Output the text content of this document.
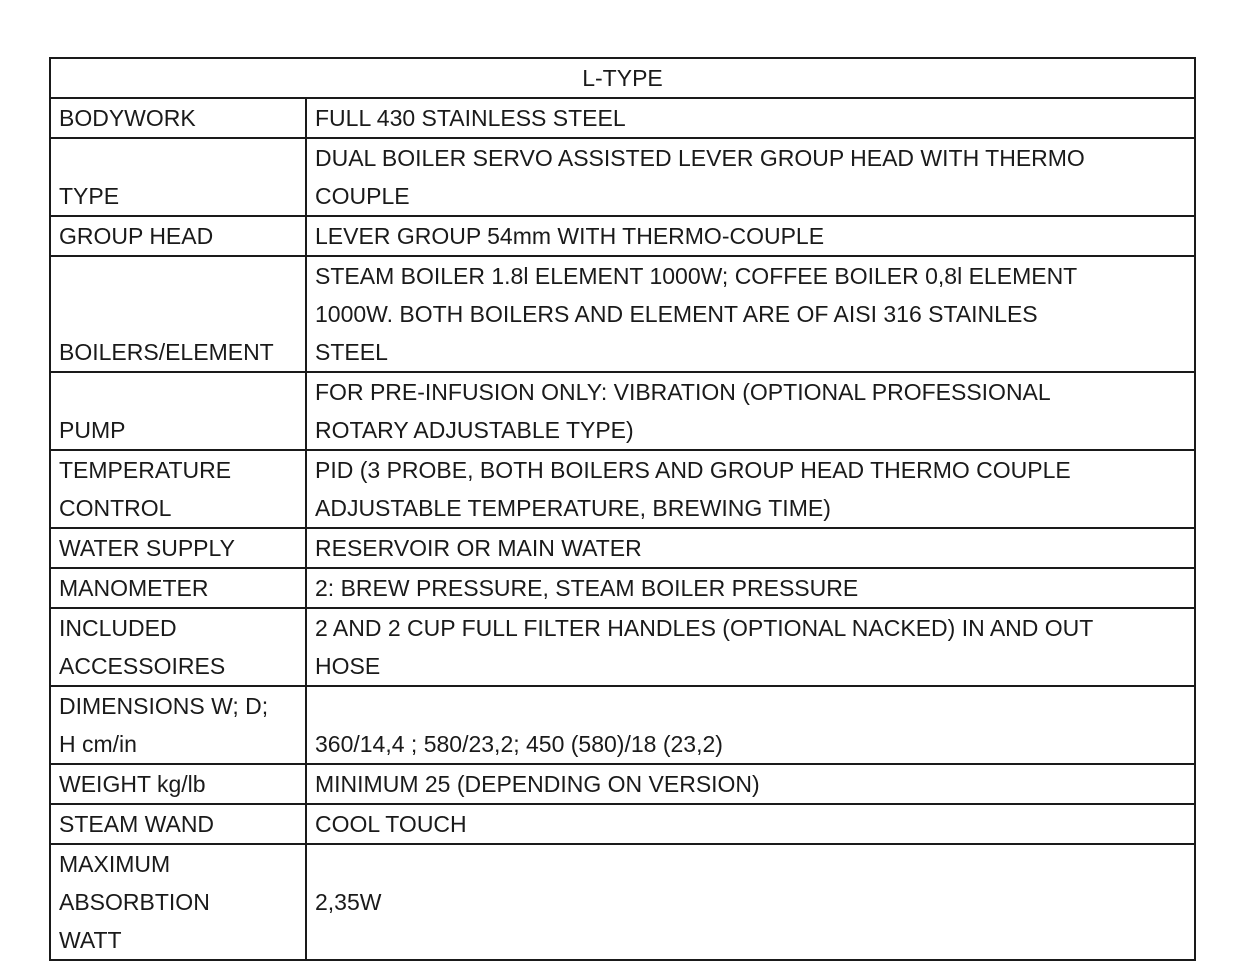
L-TYPE	

BODYWORK	FULL 430 STAINLESS STEEL

TYPE	DUAL BOILER SERVO ASSISTED LEVER GROUP HEAD WITH THERMO
COUPLE

GROUP HEAD	LEVER GROUP 54mm WITH THERMO-COUPLE

BOILERS/ELEMENT	STEAM BOILER 1.8l ELEMENT 1000W; COFFEE BOILER 0,8l ELEMENT
1000W. BOTH BOILERS AND ELEMENT ARE OF AISI 316 STAINLES
STEEL

PUMP	FOR PRE-INFUSION ONLY: VIBRATION (OPTIONAL PROFESSIONAL
ROTARY ADJUSTABLE TYPE)

TEMPERATURE
CONTROL	PID (3 PROBE, BOTH BOILERS AND GROUP HEAD THERMO COUPLE
ADJUSTABLE TEMPERATURE, BREWING TIME)

WATER SUPPLY	RESERVOIR OR MAIN WATER

MANOMETER	2: BREW PRESSURE, STEAM BOILER PRESSURE

INCLUDED
ACCESSOIRES	2 AND 2 CUP FULL FILTER HANDLES (OPTIONAL NACKED) IN AND OUT
HOSE

DIMENSIONS W; D;
H cm/in	360/14,4 ; 580/23,2; 450 (580)/18 (23,2)

WEIGHT kg/lb	MINIMUM 25 (DEPENDING ON VERSION)

STEAM WAND	COOL TOUCH

MAXIMUM
ABSORBTION
WATT	2,35W
